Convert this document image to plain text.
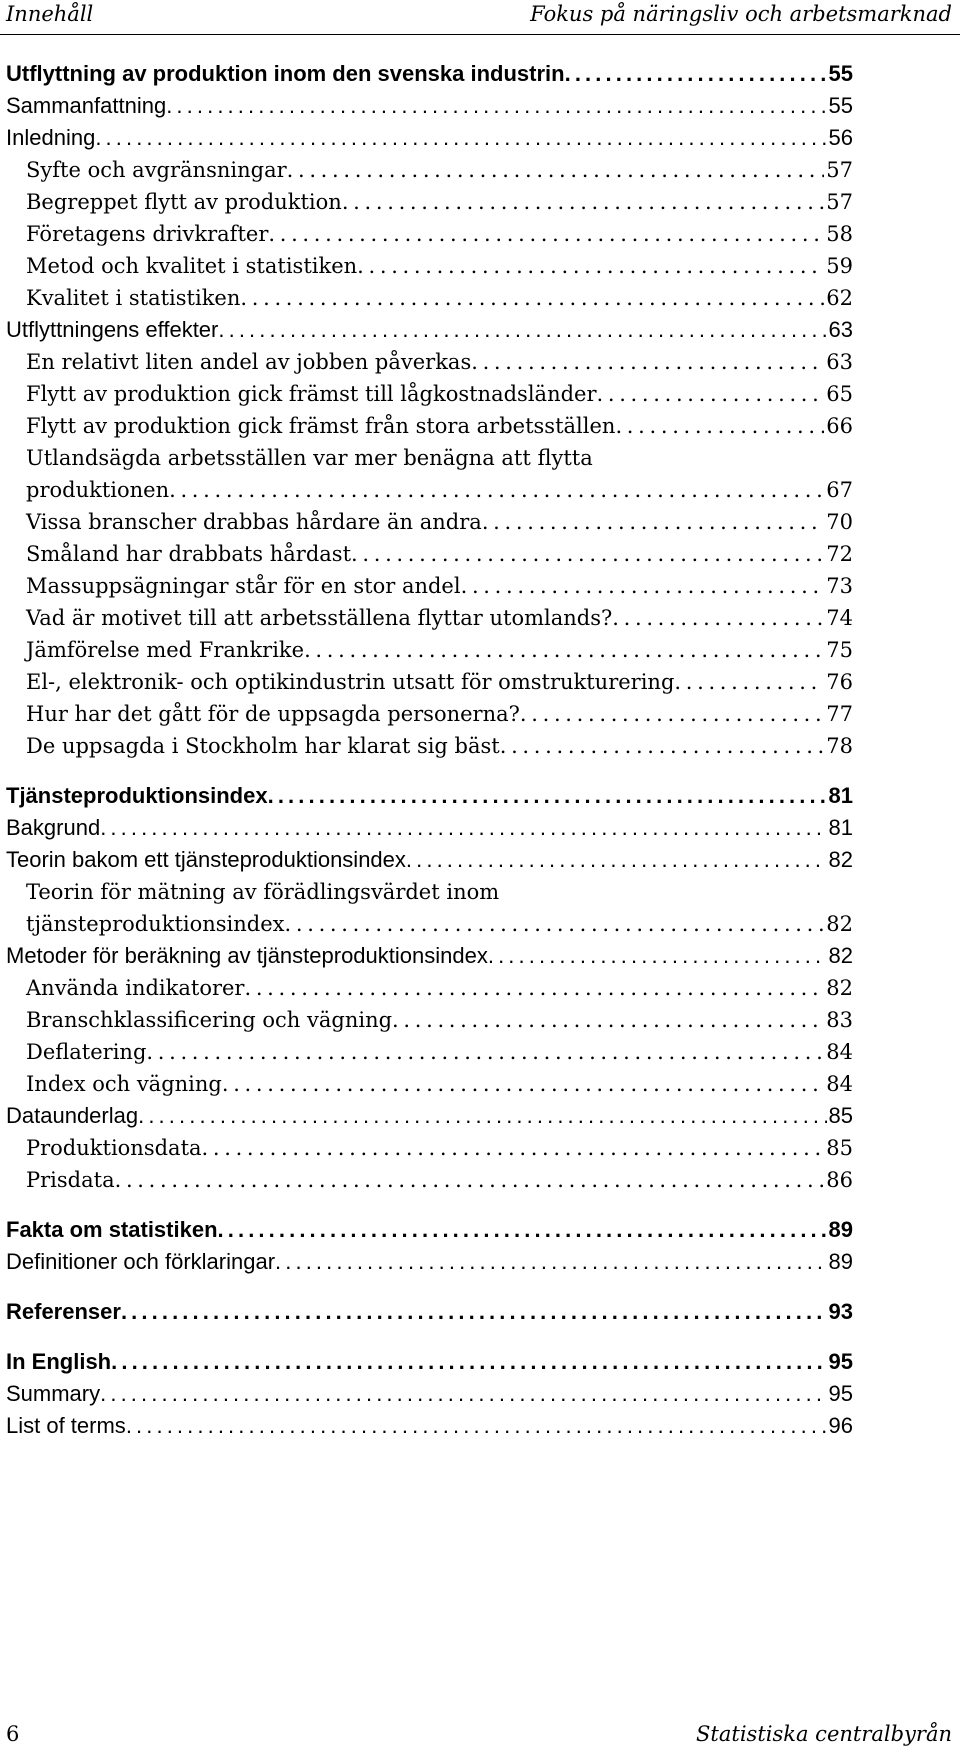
Innehåll	Fokus på näringsliv och arbetsmarknad
Utflyttning av produktion inom den svenska industrin . . .	55
Sammanfattning . . .	55
Inledning . . .	56
Syfte och avgränsningar . . .	57
Begreppet flytt av produktion . . .	57
Företagens drivkrafter . . .	58
Metod och kvalitet i statistiken . . .	59
Kvalitet i statistiken . . .	62
Utflyttningens effekter . . .	63
En relativt liten andel av jobben påverkas . . .	63
Flytt av produktion gick främst till lågkostnadsländer . . .	65
Flytt av produktion gick främst från stora arbetsställen . . .	66
Utlandsägda arbetsställen var mer benägna att flytta
produktionen . . .	67
Vissa branscher drabbas hårdare än andra . . .	70
Småland har drabbats hårdast . . .	72
Massuppsägningar står för en stor andel . . .	73
Vad är motivet till att arbetsställena flyttar utomlands? . . .	74
Jämförelse med Frankrike . . .	75
El-, elektronik- och optikindustrin utsatt för omstrukturering . . .	76
Hur har det gått för de uppsagda personerna? . . .	77
De uppsagda i Stockholm har klarat sig bäst . . .	78
Tjänsteproduktionsindex . . .	81
Bakgrund . . .	81
Teorin bakom ett tjänsteproduktionsindex . . .	82
Teorin för mätning av förädlingsvärdet inom
tjänsteproduktionsindex . . .	82
Metoder för beräkning av tjänsteproduktionsindex . . .	82
Använda indikatorer . . .	82
Branschklassificering och vägning . . .	83
Deflatering . . .	84
Index och vägning . . .	84
Dataunderlag . . .	85
Produktionsdata . . .	85
Prisdata . . .	86
Fakta om statistiken . . .	89
Definitioner och förklaringar . . .	89
Referenser . . .	93
In English . . .	95
Summary . . .	95
List of terms . . .	96
6	Statistiska centralbyrån
